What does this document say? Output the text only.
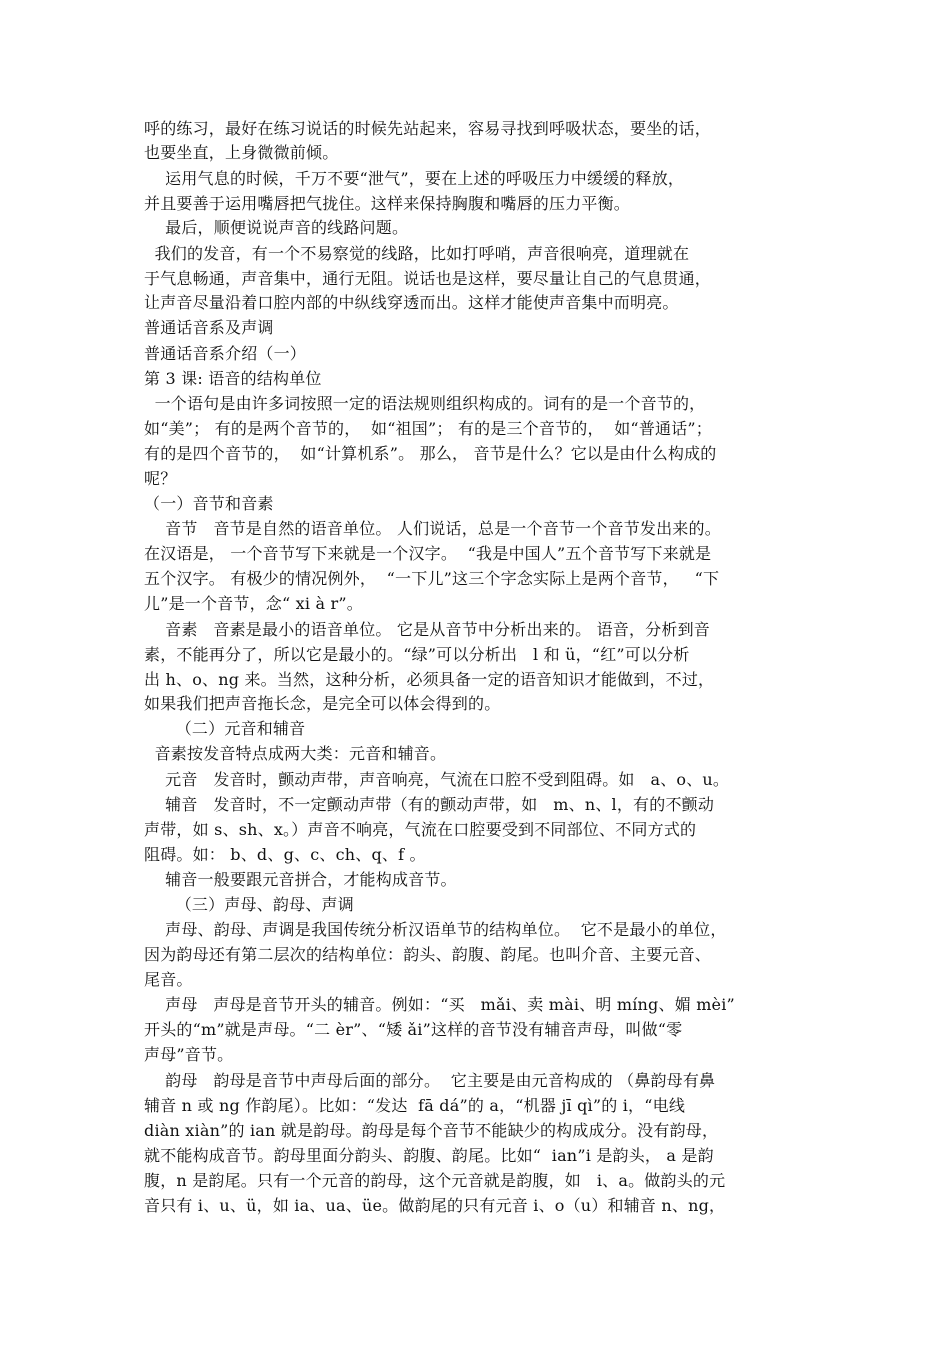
呼的练习，最好在练习说话的时候先站起来，容易寻找到呼吸状态，要坐的话，
也要坐直，上身微微前倾。
运用气息的时候，千万不要“泄气”，要在上述的呼吸压力中缓缓的释放，
并且要善于运用嘴唇把气拢住。这样来保持胸腹和嘴唇的压力平衡。
最后，顺便说说声音的线路问题。
我们的发音，有一个不易察觉的线路，比如打呼哨，声音很响亮，道理就在
于气息畅通，声音集中，通行无阻。说话也是这样，要尽量让自己的气息贯通，
让声音尽量沿着口腔内部的中纵线穿透而出。这样才能使声音集中而明亮。
普通话音系及声调
普通话音系介绍（一）
第 3 课: 语音的结构单位
一个语句是由许多词按照一定的语法规则组织构成的。词有的是一个音节的，
如“美”； 有的是两个音节的，  如“祖国”； 有的是三个音节的，  如“普通话”；
有的是四个音节的，  如“计算机系”。 那么， 音节是什么？它以是由什么构成的
呢？
（一）音节和音素
音节   音节是自然的语音单位。 人们说话，总是一个音节一个音节发出来的。
在汉语是， 一个音节写下来就是一个汉字。  “我是中国人”五个音节写下来就是
五个汉字。 有极少的情况例外，  “一下儿”这三个字念实际上是两个音节，   “下
儿”是一个音节，念“ xi à r”。
音素   音素是最小的语音单位。 它是从音节中分析出来的。 语音，分析到音
素，不能再分了，所以它是最小的。“绿”可以分析出   l 和 ü，“红”可以分析
出 h、o、ng 来。当然，这种分析，必须具备一定的语音知识才能做到，不过，
如果我们把声音拖长念，是完全可以体会得到的。
（二）元音和辅音
音素按发音特点成两大类：元音和辅音。
元音   发音时，颤动声带，声音响亮，气流在口腔不受到阻碍。如   a、o、u。
辅音   发音时，不一定颤动声带（有的颤动声带，如   m、n、l，有的不颤动
声带，如 s、sh、x。）声音不响亮，气流在口腔要受到不同部位、不同方式的
阻碍。如： b、d、g、c、ch、q、f 。
辅音一般要跟元音拼合，才能构成音节。
（三）声母、韵母、声调
声母、韵母、声调是我国传统分析汉语单节的结构单位。  它不是最小的单位，
因为韵母还有第二层次的结构单位：韵头、韵腹、韵尾。也叫介音、主要元音、
尾音。
声母   声母是音节开头的辅音。例如：“买   mǎi、卖 mài、明 míng、媚 mèi”
开头的“m”就是声母。“二 èr”、“矮 ǎi”这样的音节没有辅音声母，叫做“零
声母”音节。
韵母   韵母是音节中声母后面的部分。  它主要是由元音构成的 （鼻韵母有鼻
辅音 n 或 ng 作韵尾）。比如：“发达  fā dá”的 a，“机器 jī qì”的 i，“电线
diàn xiàn”的 ian 就是韵母。韵母是每个音节不能缺少的构成成分。没有韵母，
就不能构成音节。韵母里面分韵头、韵腹、韵尾。比如“  ian”i 是韵头， a 是韵
腹，n 是韵尾。只有一个元音的韵母，这个元音就是韵腹，如   i、a。做韵头的元
音只有 i、u、ü，如 ia、ua、üe。做韵尾的只有元音 i、o（u）和辅音 n、ng，
